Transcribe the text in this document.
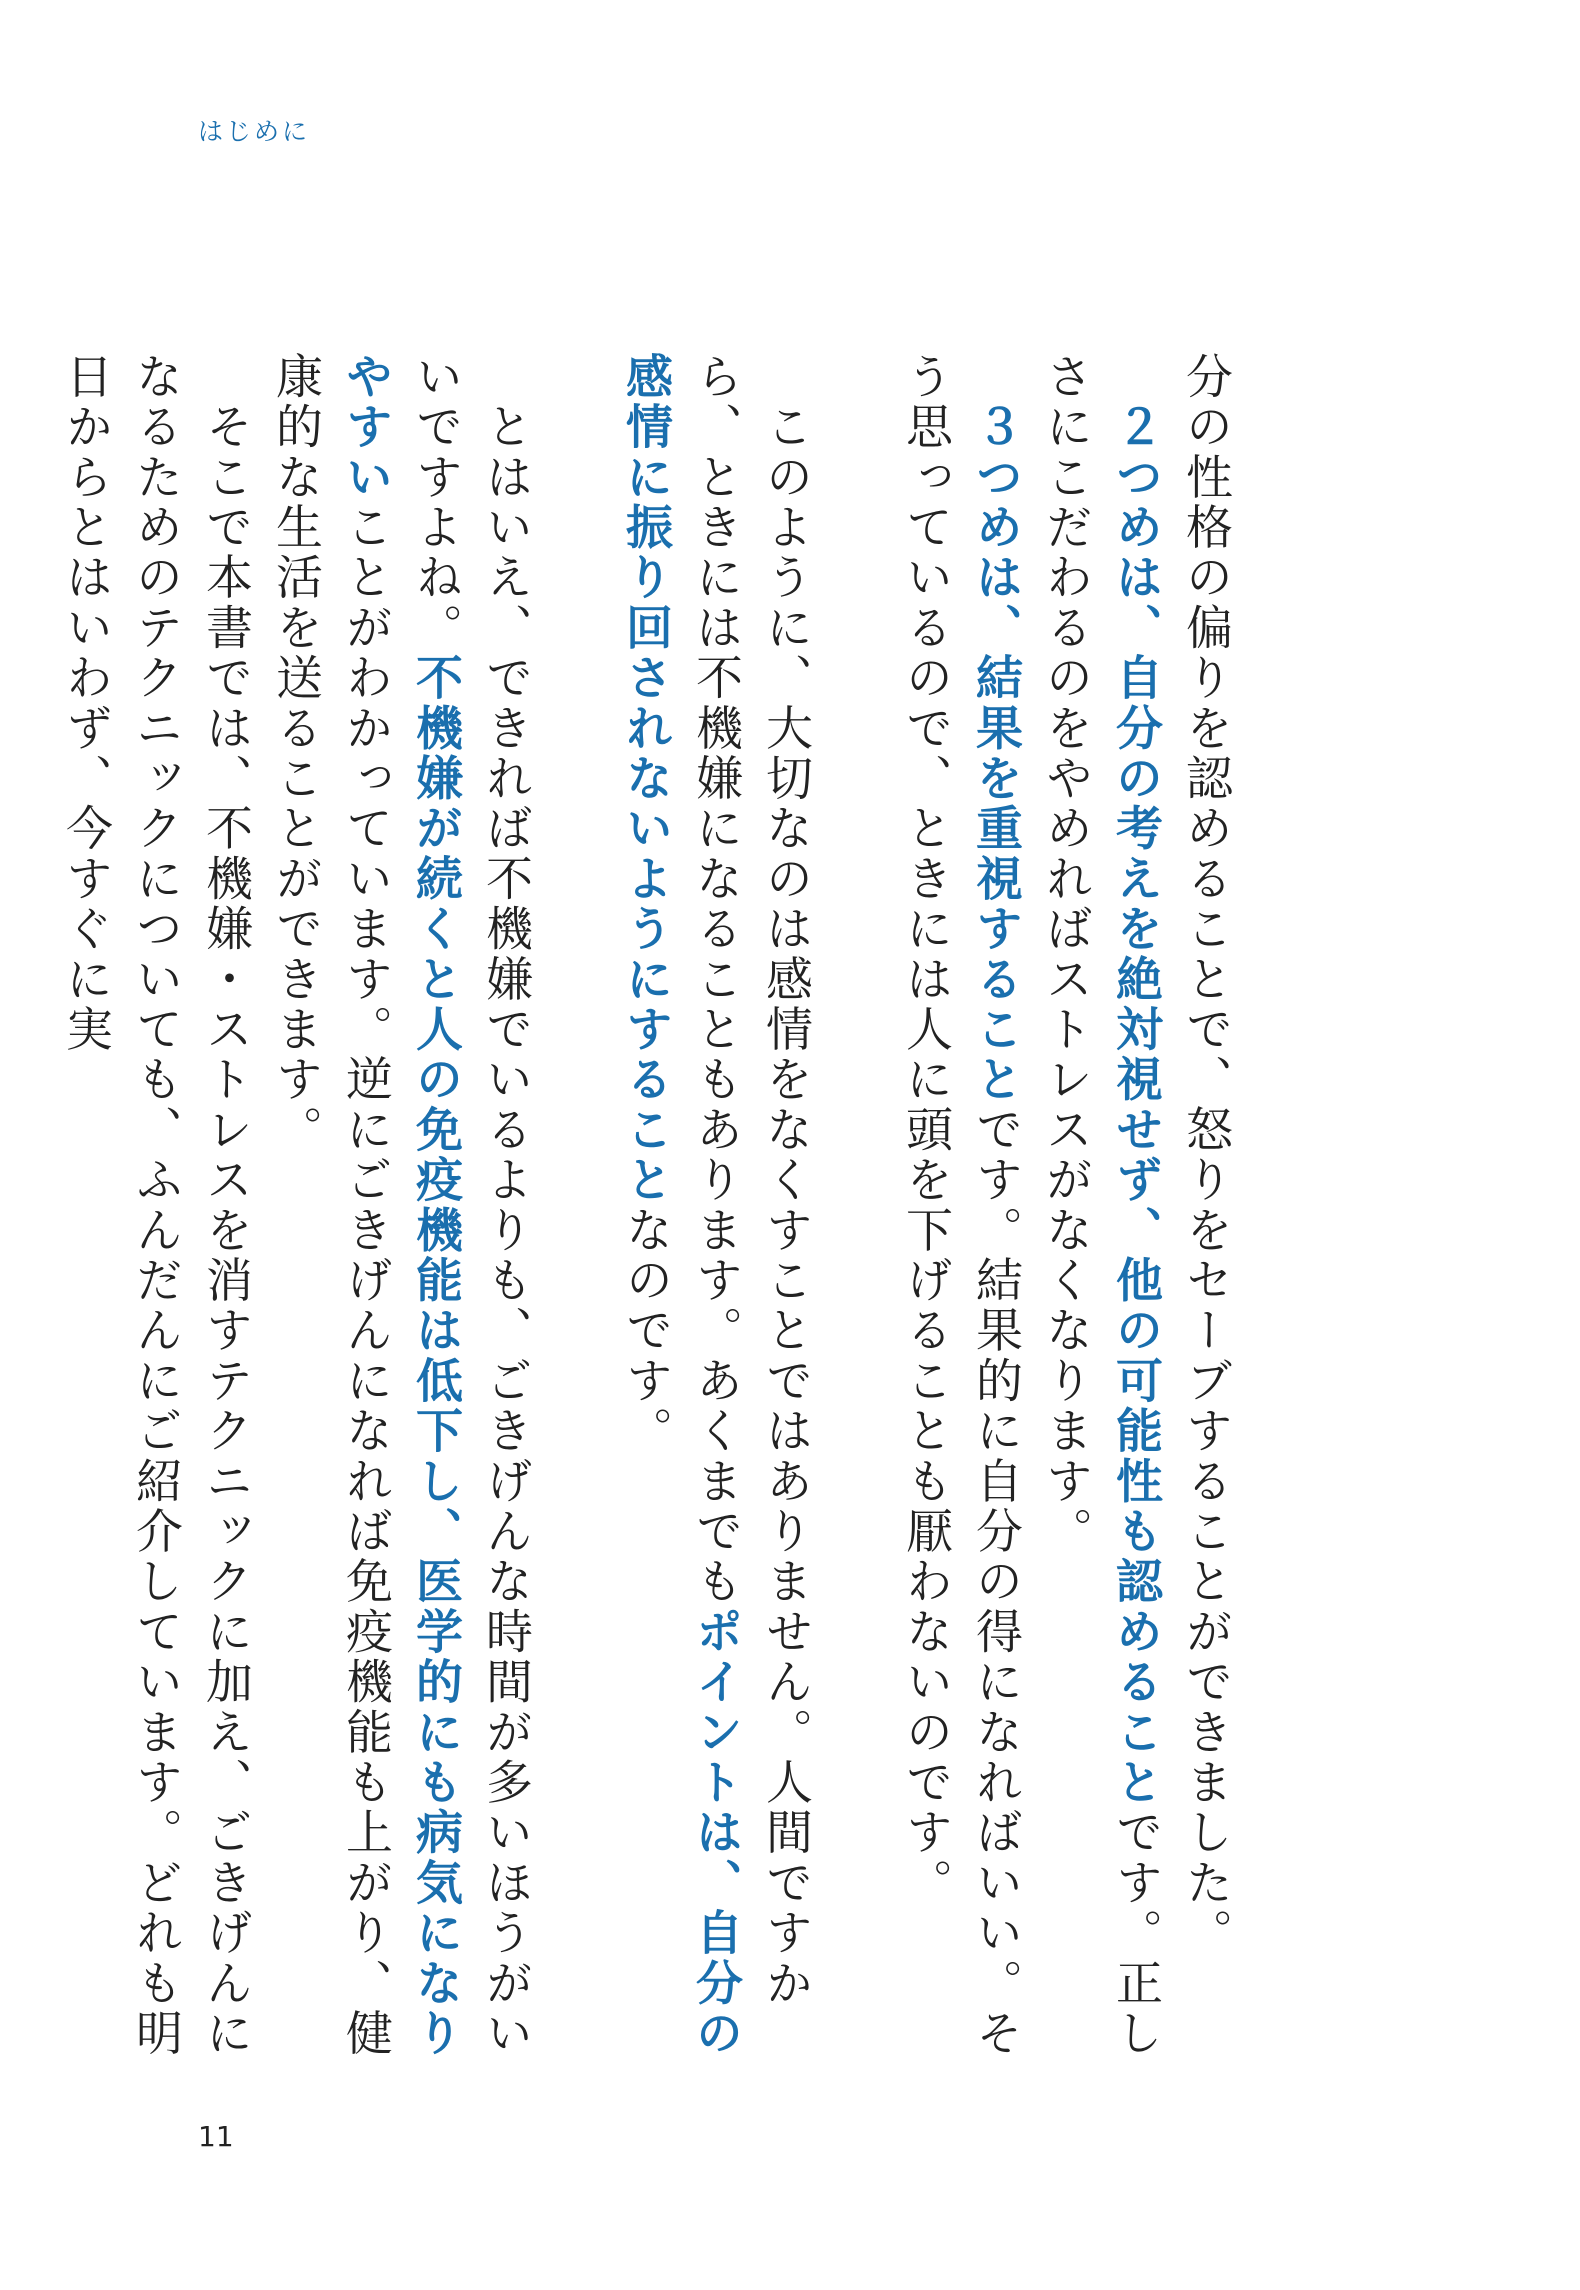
はじめに

分の性格の偏りを認めることで、怒りをセーブすることができました。

　２つめは、自分の考えを絶対視せず、他の可能性も認めることです。正しさにこだわるのをやめればストレスがなくなります。

　３つめは、結果を重視することです。結果的に自分の得になればいい。そう思っているので、ときには人に頭を下げることも厭わないのです。

　このように、大切なのは感情をなくすことではありません。人間ですから、ときには不機嫌になることもあります。あくまでもポイントは、自分の感情に振り回されないようにすることなのです。

　とはいえ、できれば不機嫌でいるよりも、ごきげんな時間が多いほうがいいですよね。不機嫌が続くと人の免疫機能は低下し、医学的にも病気になりやすいことがわかっています。逆にごきげんになれば免疫機能も上がり、健康的な生活を送ることができます。

　そこで本書では、不機嫌・ストレスを消すテクニックに加え、ごきげんになるためのテクニックについても、ふんだんにご紹介しています。どれも明日からとはいわず、今すぐに実

11
